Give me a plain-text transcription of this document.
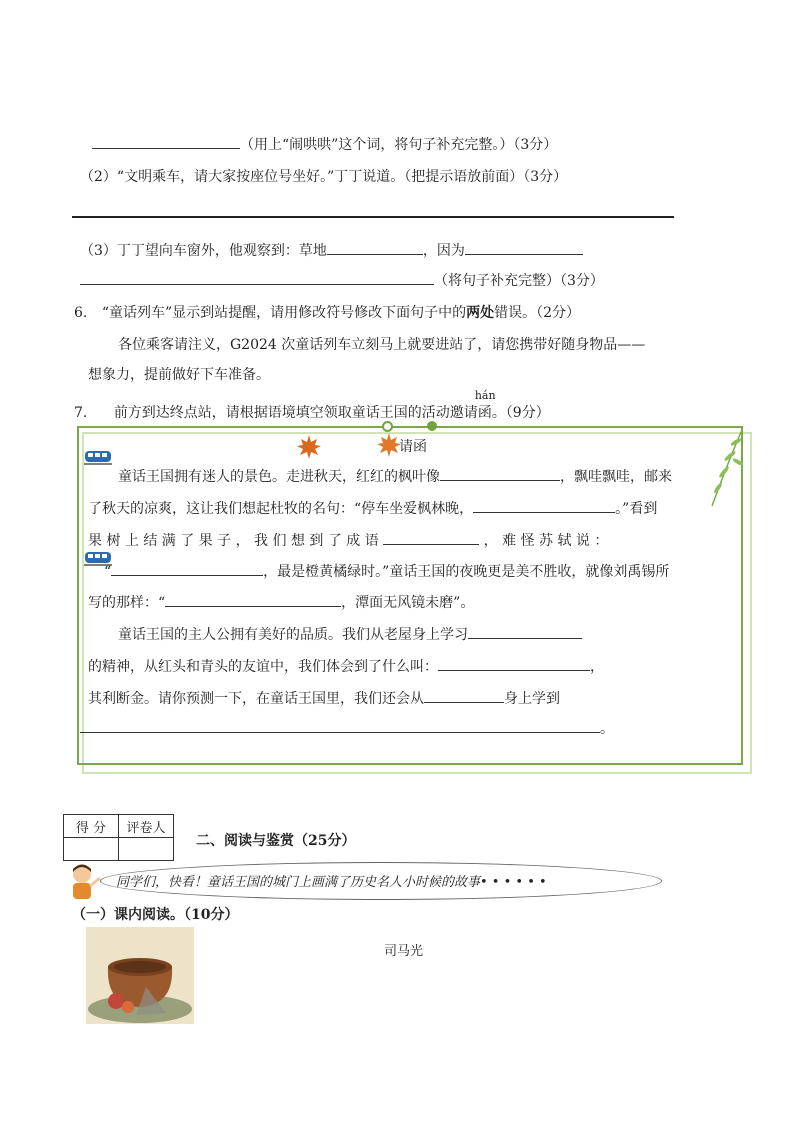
（用上“闹哄哄”这个词，将句子补充完整。）（3分）
（2）“文明乘车，请大家按座位号坐好。”丁丁说道。（把提示语放前面）（3分）
（3）丁丁望向车窗外，他观察到：草地	，因为
（将句子补充完整）（3分）
6. “童话列车”显示到站提醒，请用修改符号修改下面句子中的两处错误。（2分）
各位乘客请注义，G2024 次童话列车立刻马上就要进站了，请您携带好随身物品——
想象力，提前做好下车准备。
7. 前方到达终点站，请根据语境填空领取童话王国的活动邀请
hán
函。（9分）
请函
童话王国拥有迷人的景色。走进秋天，红红的枫叶像	，飘哇飘哇，邮来
了秋天的凉爽，这让我们想起杜牧的名句：“停车坐爱枫林晚，	。”看到
果 树 上 结 满 了 果 子 ， 我 们 想 到 了 成 语	， 难 怪 苏 轼 说 ：
“	，最是橙黄橘绿时。”童话王国的夜晚更是美不胜收，就像刘禹锡所
写的那样：“	，潭面无风镜未磨”。
童话王国的主人公拥有美好的品质。我们从老屋身上学习
的精神，从红头和青头的友谊中，我们体会到了什么叫：	，
其利断金。请你预测一下，在童话王国里，我们还会从	身上学到
。
得 分	评卷人

二、阅读与鉴赏（25分）
同学们，快看！童话王国的城门上画满了历史名人小时候的故事• • • • • •
（一）课内阅读。（10分）
司马光
